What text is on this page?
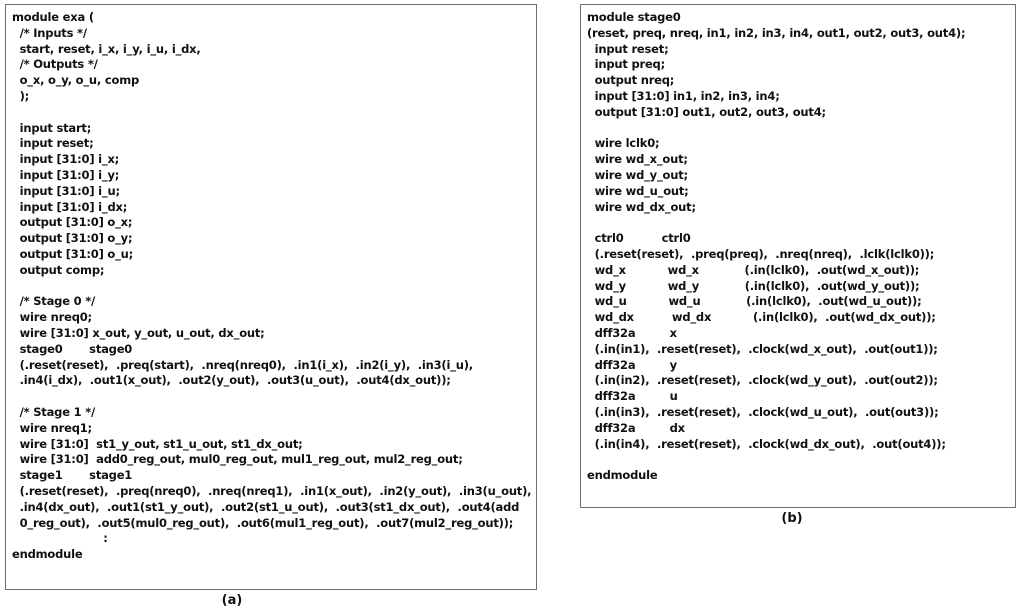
module exa (
/* Inputs */
start, reset, i_x, i_y, i_u, i_dx,
/* Outputs */
o_x, o_y, o_u, comp
);

input start;
input reset;
input [31:0] i_x;
input [31:0] i_y;
input [31:0] i_u;
input [31:0] i_dx;
output [31:0] o_x;
output [31:0] o_y;
output [31:0] o_u;
output comp;

/* Stage 0 */
wire nreq0;
wire [31:0] x_out, y_out, u_out, dx_out;
stage0       stage0
(.reset(reset),  .preq(start),  .nreq(nreq0),  .in1(i_x),  .in2(i_y),  .in3(i_u),
.in4(i_dx),  .out1(x_out),  .out2(y_out),  .out3(u_out),  .out4(dx_out));

/* Stage 1 */
wire nreq1;
wire [31:0]  st1_y_out, st1_u_out, st1_dx_out;
wire [31:0]  add0_reg_out, mul0_reg_out, mul1_reg_out, mul2_reg_out;
stage1       stage1
(.reset(reset),  .preq(nreq0),  .nreq(nreq1),  .in1(x_out),  .in2(y_out),  .in3(u_out),
.in4(dx_out),  .out1(st1_y_out),  .out2(st1_u_out),  .out3(st1_dx_out),  .out4(add
0_reg_out),  .out5(mul0_reg_out),  .out6(mul1_reg_out),  .out7(mul2_reg_out));
:
endmodule
(a)
module stage0
(reset, preq, nreq, in1, in2, in3, in4, out1, out2, out3, out4);
input reset;
input preq;
output nreq;
input [31:0] in1, in2, in3, in4;
output [31:0] out1, out2, out3, out4;

wire lclk0;
wire wd_x_out;
wire wd_y_out;
wire wd_u_out;
wire wd_dx_out;

ctrl0          ctrl0
(.reset(reset),  .preq(preq),  .nreq(nreq),  .lclk(lclk0));
wd_x           wd_x            (.in(lclk0),  .out(wd_x_out));
wd_y           wd_y            (.in(lclk0),  .out(wd_y_out));
wd_u           wd_u            (.in(lclk0),  .out(wd_u_out));
wd_dx          wd_dx           (.in(lclk0),  .out(wd_dx_out));
dff32a         x
(.in(in1),  .reset(reset),  .clock(wd_x_out),  .out(out1));
dff32a         y
(.in(in2),  .reset(reset),  .clock(wd_y_out),  .out(out2));
dff32a         u
(.in(in3),  .reset(reset),  .clock(wd_u_out),  .out(out3));
dff32a         dx
(.in(in4),  .reset(reset),  .clock(wd_dx_out),  .out(out4));

endmodule
(b)
